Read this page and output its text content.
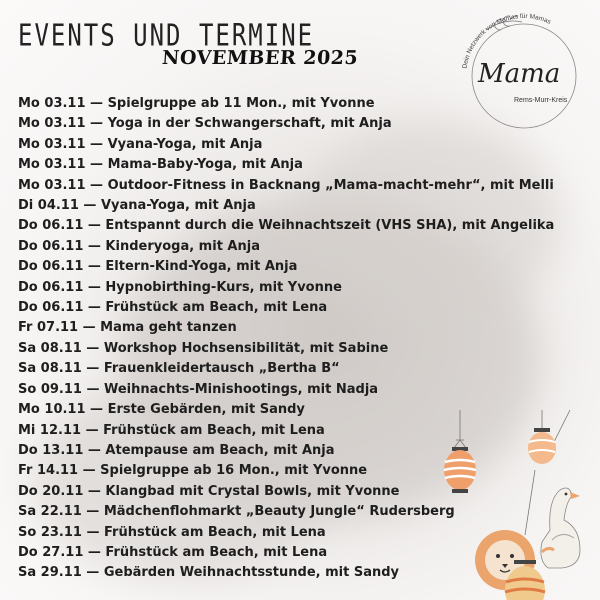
EVENTS UND TERMINE
NOVEMBER 2025
Mama
Rems-Murr-Kreis
Dein Netzwerk von Mamas für Mamas
Mo 03.11 — Spielgruppe ab 11 Mon., mit Yvonne
Mo 03.11 — Yoga in der Schwangerschaft, mit Anja
Mo 03.11 — Vyana-Yoga, mit Anja
Mo 03.11 — Mama-Baby-Yoga, mit Anja
Mo 03.11 — Outdoor-Fitness in Backnang „Mama-macht-mehr“, mit Melli
Di 04.11 — Vyana-Yoga, mit Anja
Do 06.11 — Entspannt durch die Weihnachtszeit (VHS SHA), mit Angelika
Do 06.11 — Kinderyoga, mit Anja
Do 06.11 — Eltern-Kind-Yoga, mit Anja
Do 06.11 — Hypnobirthing-Kurs, mit Yvonne
Do 06.11 — Frühstück am Beach, mit Lena
Fr 07.11 — Mama geht tanzen
Sa 08.11 — Workshop Hochsensibilität, mit Sabine
Sa 08.11 — Frauenkleidertausch „Bertha B“
So 09.11 — Weihnachts-Minishootings, mit Nadja
Mo 10.11 — Erste Gebärden, mit Sandy
Mi 12.11 — Frühstück am Beach, mit Lena
Do 13.11 — Atempause am Beach, mit Anja
Fr 14.11 — Spielgruppe ab 16 Mon., mit Yvonne
Do 20.11 — Klangbad mit Crystal Bowls, mit Yvonne
Sa 22.11 — Mädchenflohmarkt „Beauty Jungle“ Rudersberg
So 23.11 — Frühstück am Beach, mit Lena
Do 27.11 — Frühstück am Beach, mit Lena
Sa 29.11 — Gebärden Weihnachtsstunde, mit Sandy
